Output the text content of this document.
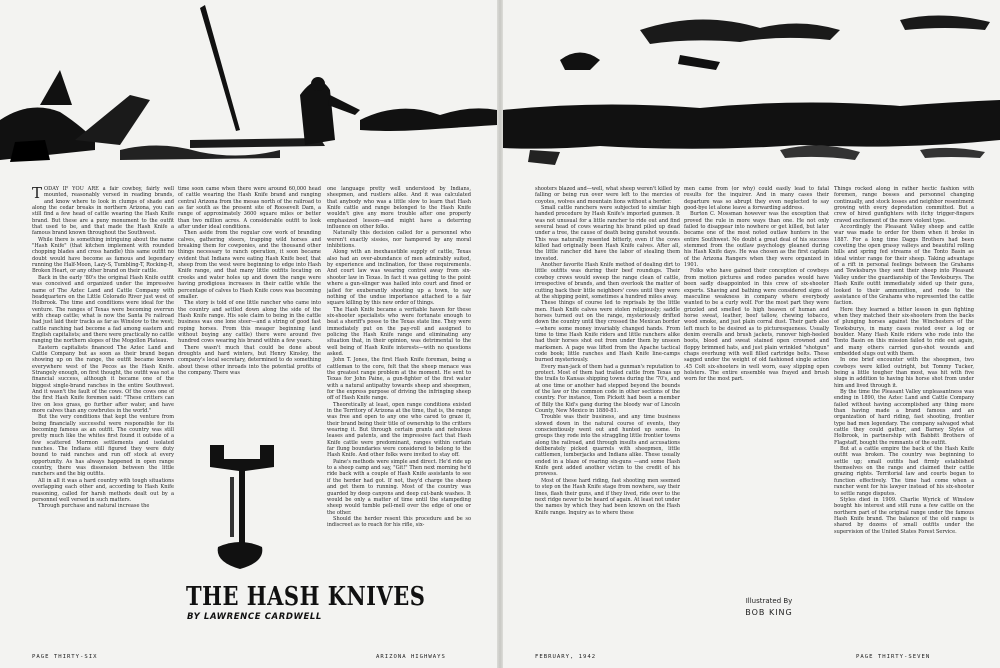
TODAY IF YOU ARE a fair cowboy, fairly well mounted, reasonably versed in reading brands, and know where to look in clumps of shade and along the cedar breaks in northern Arizona, you can still find a few head of cattle wearing the Hash Knife brand. But these are a puny monument to the outfit that used to be, and that made the Hash Knife a famous brand known throughout the Southwest.

While there is something intriguing about the name "Hash Knife" (that kitchen implement with rounded chopping blades and cross handle) this same outfit no doubt would have become as famous and legendary running the Half-Moon, Lazy-S, Tumbling-T, Rocking-R, Broken Heart, or any other brand on their cattle.

Back in the early '80's the original Hash Knife outfit was conceived and organized under the impressive name of The Aztec Land and Cattle Company with headquarters on the Little Colorado River just west of Holbrook. The time and conditions were ideal for the venture. The ranges of Texas were becoming overrun with cheap cattle; what is now the Santa Fe railroad had just laid their tracks as far as Winslow to the west; cattle ranching had become a fad among eastern and English capitalists; and there were practically no cattle ranging the northern slopes of the Mogollon Plateau.

Eastern capitalists financed The Aztec Land and Cattle Company but as soon as their brand began showing up on the range, the outfit became known everywhere west of the Pecos as the Hash Knife. Strangely enough, on first thought, the outfit was not a financial success, although it became one of the biggest single-brand ranches in the entire Southwest. And it wasn't the fault of the cows. Of the cows one of the first Hash Knife foremen said: "These critters can live on less grass, go further after water, and have more calves than any cowbrutes in the world."

But the very conditions that kept the venture from being financially successful were responsible for its becoming famous as an outfit. The country was still pretty much like the whites first found it outside of a few scattered Mormon settlements and isolated ranches. The Indians still figured they were duty bound to raid ranches and run off stock at every opportunity. As has always happened in open range country, there was dissension between the little ranchers and the big outfits.

All in all it was a hard country with tough situations overlapping each other and, according to Hash Knife reasoning, called for harsh methods dealt out by a personnel well versed in such matters.

Through purchase and natural increase the

time soon came when there were around 60,000 head of cattle wearing the Hash Knife brand and ranging central Arizona from the mesas north of the railroad to as far south as the present site of Roosevelt Dam, a range of approximately 3600 square miles or better than two million acres. A considerable outfit to look after under ideal conditions.

Then aside from the regular cow work of branding calves, gathering steers, trapping wild horses and breaking them for cowponies, and the thousand other things necessary to ranch operation, it soon became evident that Indians were eating Hash Knife beef, that sheep from the west were beginning to edge into Hash Knife range, and that many little outfits locating on creeks and water holes up and down the range were having prodigious increases in their cattle while the percentage of calves to Hash Knife cows was becoming smaller.

The story is told of one little rancher who came into the country and settled down along the side of the Hash Knife range. His sole claim to being in the cattle business was one lone steer—and a string of good fast roping horses. From this meager beginning (and without buying any cattle) there were around five hundred cows wearing his brand within a few years.

There wasn't much that could be done about droughts and hard winters, but Henry Kinsley, the company's local secretary, determined to do something about these other inroads into the potential profits of the company. There was

THE HASH KNIVES
BY LAWRENCE CARDWELL

one language pretty well understood by Indians, sheepmen, and rustlers alike. And it was calculated that anybody who was a little slow to learn that Hash Knife cattle and range belonged to the Hash Knife wouldn't give any more trouble after one properly emphasized lesson—and might have a deterring influence on other folks.

Naturally this decision called for a personnel who weren't exactly sissies, nor hampered by any moral inhibitions.

Along with an inexhaustible supply of cattle, Texas also had an over-abundance of men admirably suited, by experience and inclination, for these requirements. And court law was wearing control away from six-shooter law in Texas. In fact it was getting to the point where a gun-slinger was hailed into court and fined or jailed for exuberantly shooting up a town, to say nothing of the undue importance attached to a fair square killing by this new order of things.

The Hash Knife became a veritable haven for these six-shooter specialists who were fortunate enough to beat a sheriff's posse to the Texas state line. They were immediately put on the pay-roll and assigned to policing the Hash Knife range and eliminating any situation that, in their opinion, was detrimental to the well being of Hash Knife interests—with no questions asked.

John T. Jones, the first Hash Knife foreman, being a cattleman to the core, felt that the sheep menace was the greatest range problem at the moment. He sent to Texas for John Paine, a gun-fighter of the first water with a natural antipathy towards sheep and sheepmen, for the express purpose of driving the infringing sheep off of Hash Knife range.

Theoretically at least, open range conditions existed in the Territory of Arizona at the time, that is, the range was free and open to any one who cared to graze it, their brand being their title of ownership to the critters wearing it. But through certain grants and nebulous leases and patents, and the impressive fact that Hash Knife cattle were predominant, ranges within certain far flung boundaries were considered to belong to the Hash Knife. And other folks were invited to stay off.

Paine's methods were simple and direct. He'd ride up to a sheep camp and say, "Git!" Then next morning he'd ride back with a couple of Hash Knife assistants to see if the herder had got. If not, they'd charge the sheep and get them to running. Most of the country was guarded by deep canyons and deep cut-bank washes. It would be only a matter of time until the stampeding sheep would tumble pell-mell over the edge of one or the other.

Should the herder resent this procedure and be so indiscreet as to reach for his rifle, six-

shooters blazed and—well, what sheep weren't killed by falling or being run over were left to the mercies of coyotes, wolves and mountain lions without a herder.

Small cattle ranchers were subjected to similar high handed procedure by Hash Knife's imported gunmen. It was not unusual for a little rancher to ride out and find several head of cows wearing his brand piled up dead under a tree, the cause of death being gunshot wounds. This was naturally resented bitterly, even if the cows killed had originally been Hash Knife calves. After all, the little rancher did have the labor of stealing them invested.

Another favorite Hash Knife method of dealing dirt to little outfits was during their beef roundups. Their cowboy crews would sweep the range clean of cattle, irrespective of brands, and then overlook the matter of cutting back their little neighbors' cows until they were at the shipping point, sometimes a hundred miles away.

These things of course led to reprisals by the little men. Hash Knife calves were stolen religiously; saddle horses turned out on the range, mysteriously drifted down the country until they crossed the Mexican border—where some money invariably changed hands. From time to time Hash Knife riders and little ranchers alike had their horses shot out from under them by unseen marksmen. A page was lifted from the Apache tactical code book; little ranches and Hash Knife line-camps burned mysteriously.

Every man-jack of them had a gunman's reputation to protect. Most of them had trailed cattle from Texas up the trails to Kansas shipping towns during the '70's, and at one time or another had stepped beyond the bounds of the law or the common code in other sections of the country. For instance, Tom Pickett had been a member of Billy the Kid's gang during the bloody war of Lincoln County, New Mexico in 1880-81.

Trouble was their business, and any time business slowed down in the natural course of events, they conscientiously went out and hunted up some. In groups they rode into the straggling little frontier towns along the railroad, and through insults and accusations deliberately picked quarrels with sheepmen, little cattlemen, lumberjacks and Indians alike. These usually ended in a blaze of roaring six-guns —and some Hash Knife gent added another victim to the credit of his prowess.

Most of these hard riding, fast shooting men seemed to step on the Hash Knife stage from nowhere, say their lines, flash their guns, and if they lived, ride over to the next ridge never to be heard of again. At least not under the names by which they had been known on the Hash Knife range. Inquiry as to where these

men came from (or why) could easily lead to fatal results for the inquirer. And in many cases their departure was so abrupt they even neglected to say good-bye let alone leave a forwarding address.

Burton C. Mossman however was the exception that proved the rule in more ways than one. He not only failed to disappear into nowhere or get killed, but later became one of the most noted outlaw hunters in the entire Southwest. No doubt a great deal of his success stemmed from the outlaw psychology gleaned during his Hash Knife days. He was chosen as the first captain of the Arizona Rangers when they were organized in 1901.

Folks who have gained their conception of cowboys from motion pictures and rodeo parades would have been sadly disappointed in this crew of six-shooter experts. Shaving and bathing were considered signs of masculine weakness in company where everybody wanted to be a curly wolf. For the most part they were grizzled and smelled to high heaven of human and horse sweat, leather, beef tallow, chewing tobacco, wood smoke, and just plain corral dust. Their garb also left much to be desired as to picturesqueness. Usually denim overalls and brush jackets, runover high-heeled boots, blood and sweat stained open crowned and floppy brimmed hats, and just plain wrinkled "shotgun" chaps overhung with well filled cartridge belts. These sagged under the weight of old fashioned single action .45 Colt six-shooters in well worn, easy slipping open holsters. The entire ensemble was frayed and brush worn for the most part.

Illustrated By
BOB KING

Things rocked along in rather hectic fashion with foremen, range bosses and personnel changing continually, and stock losses and neighbor resentment growing with every depredation committed. But a crew of hired gunfighters with itchy trigger-fingers craved excitement of the more violent type.

Accordingly the Pleasant Valley sheep and cattle war was made to order for them when it broke in 1887. For a long time Daggs Brothers had been coveting the open grassy valleys and beautiful rolling hills and spring fed streams of the Tonto Basin as ideal winter range for their sheep. Taking advantage of a rift in personal feelings between the Grahams and Tewksburys they sent their sheep into Pleasant Valley under the guardianship of the Tewksburys. The Hash Knife outfit immediately sided up their guns, looked to their ammunition, and rode to the assistance of the Grahams who represented the cattle faction.

Here they learned a bitter lesson in gun fighting when they matched their six-shooters from the backs of plunging horses against the Winchesters of the Tewksburys, in many cases rested over a log or boulder. Many Hash Knife riders who rode into the Tonto Basin on this mission failed to ride out again, and many others carried gun-shot wounds and embedded slugs out with them.

In one brief encounter with the sheepmen, two cowboys were killed outright, but Tommy Tucker, being a little tougher than most, was hit with five slugs in addition to having his horse shot from under him and lived through it.

By the time the Pleasant Valley unpleasantness was ending in 1890, the Aztec Land and Cattle Company failed without having accomplished any thing more than having made a brand famous and an organization of hard riding, fast shooting, frontier type bad men legendary. The company salvaged what cattle they could gather, and Barney Styles of Holbrook, in partnership with Babbitt Brothers of Flagstaff, bought the remnants of the outfit.

But at a cattle empire the back of the Hash Knife outfit was broken. The country was beginning to settle up; small outfits had firmly established themselves on the range and claimed their cattle grazing rights. Territorial law and courts began to function effectively. The time had come when a rancher went for his lawyer instead of his six-shooter to settle range disputes.

Styles died in 1909. Charlie Wyrick of Winslow bought his interest and still runs a few cattle on the northern part of the original range under the famous Hash Knife brand. The balance of the old range is shared by dozens of small outfits under the supervision of the United States Forest Service.

PAGE THIRTY-SIX	ARIZONA HIGHWAYS	FEBRUARY, 1942	PAGE THIRTY-SEVEN
